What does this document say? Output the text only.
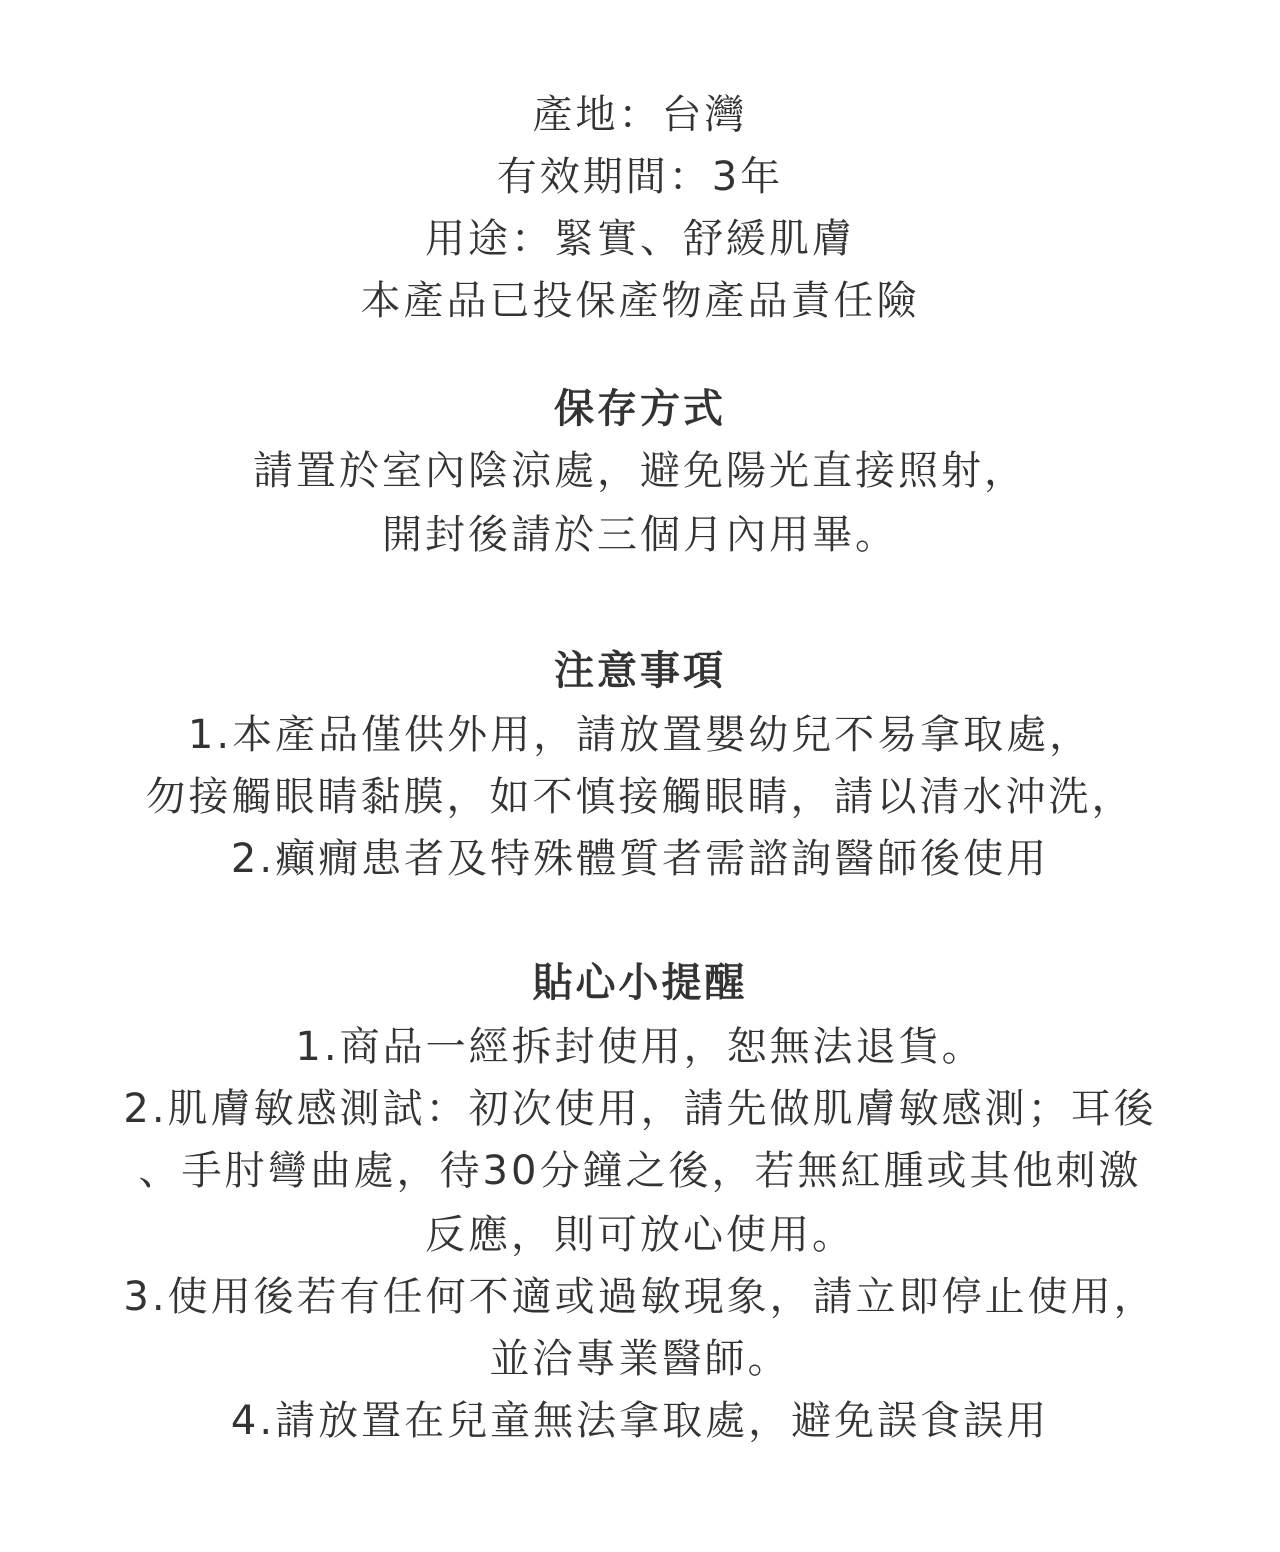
產地：台灣
有效期間：3年
用途：緊實、舒緩肌膚
本產品已投保產物產品責任險
保存方式
請置於室內陰涼處，避免陽光直接照射，
開封後請於三個月內用畢。
注意事項
1.本產品僅供外用，請放置嬰幼兒不易拿取處，
勿接觸眼睛黏膜，如不慎接觸眼睛，請以清水沖洗，
2.癲癇患者及特殊體質者需諮詢醫師後使用
貼心小提醒
1.商品一經拆封使用，恕無法退貨。
2.肌膚敏感測試：初次使用，請先做肌膚敏感測；耳後
、手肘彎曲處，待30分鐘之後，若無紅腫或其他刺激
反應，則可放心使用。
3.使用後若有任何不適或過敏現象，請立即停止使用，
並洽專業醫師。
4.請放置在兒童無法拿取處，避免誤食誤用
